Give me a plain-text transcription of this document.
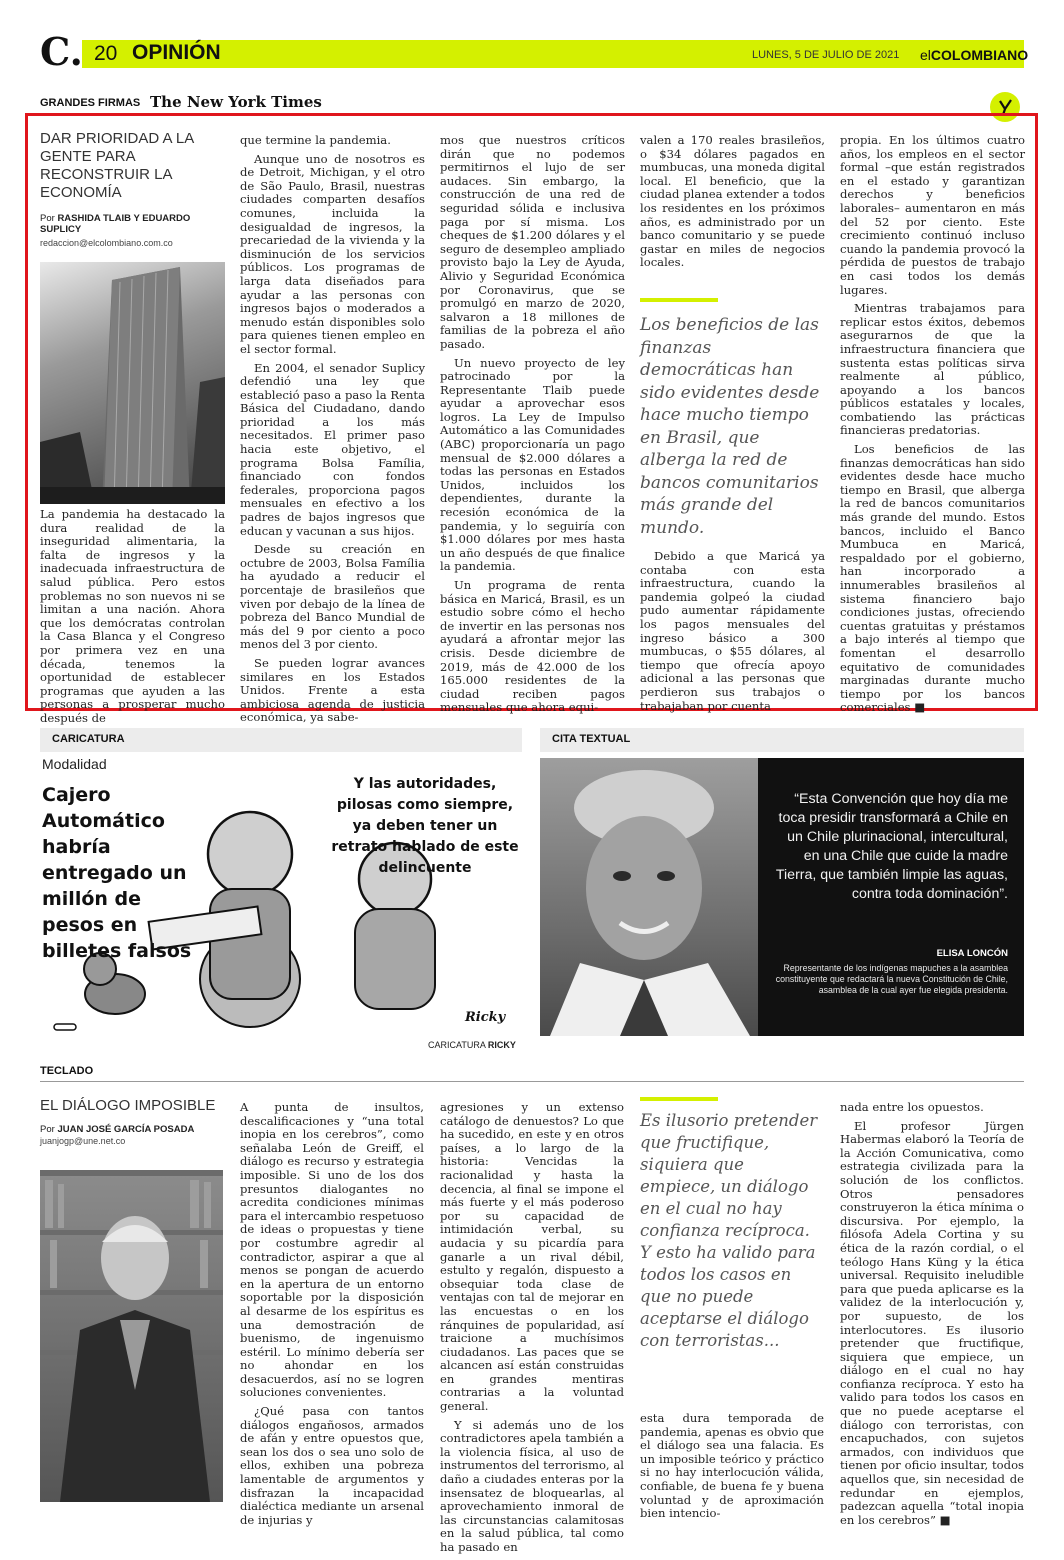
C. 20 OPINIÓN	LUNES, 5 DE JULIO DE 2021 elCOLOMBIANO
GRANDES FIRMAS The New York Times
DAR PRIORIDAD A LA GENTE PARA RECONSTRUIR LA ECONOMÍA
Por RASHIDA TLAIB Y EDUARDO SUPLICY
redaccion@elcolombiano.com.co

La pandemia ha destacado la dura realidad de la inseguridad alimentaria, la falta de ingresos y la inadecuada infraestructura de salud pública. Pero estos problemas no son nuevos ni se limitan a una nación. Ahora que los demócratas controlan la Casa Blanca y el Congreso por primera vez en una década, tenemos la oportunidad de establecer programas que ayuden a las personas a prosperar mucho después de

que termine la pandemia.

Aunque uno de nosotros es de Detroit, Michigan, y el otro de São Paulo, Brasil, nuestras ciudades comparten desafíos comunes, incluida la desigualdad de ingresos, la precariedad de la vivienda y la disminución de los servicios públicos. Los programas de larga data diseñados para ayudar a las personas con ingresos bajos o moderados a menudo están disponibles solo para quienes tienen empleo en el sector formal.

En 2004, el senador Suplicy defendió una ley que estableció paso a paso la Renta Básica del Ciudadano, dando prioridad a los más necesitados. El primer paso hacia este objetivo, el programa Bolsa Família, financiado con fondos federales, proporciona pagos mensuales en efectivo a los padres de bajos ingresos que educan y vacunan a sus hijos.

Desde su creación en octubre de 2003, Bolsa Família ha ayudado a reducir el porcentaje de brasileños que viven por debajo de la línea de pobreza del Banco Mundial de más del 9 por ciento a poco menos del 3 por ciento.

Se pueden lograr avances similares en los Estados Unidos. Frente a esta ambiciosa agenda de justicia económica, ya sabe-

mos que nuestros críticos dirán que no podemos permitirnos el lujo de ser audaces. Sin embargo, la construcción de una red de seguridad sólida e inclusiva paga por sí misma. Los cheques de $1.200 dólares y el seguro de desempleo ampliado provisto bajo la Ley de Ayuda, Alivio y Seguridad Económica por Coronavirus, que se promulgó en marzo de 2020, salvaron a 18 millones de familias de la pobreza el año pasado.

Un nuevo proyecto de ley patrocinado por la Representante Tlaib puede ayudar a aprovechar esos logros. La Ley de Impulso Automático a las Comunidades (ABC) proporcionaría un pago mensual de $2.000 dólares a todas las personas en Estados Unidos, incluidos los dependientes, durante la recesión económica de la pandemia, y lo seguiría con $1.000 dólares por mes hasta un año después de que finalice la pandemia.

Un programa de renta básica en Maricá, Brasil, es un estudio sobre cómo el hecho de invertir en las personas nos ayudará a afrontar mejor las crisis. Desde diciembre de 2019, más de 42.000 de los 165.000 residentes de la ciudad reciben pagos mensuales que ahora equi-

valen a 170 reales brasileños, o $34 dólares pagados en mumbucas, una moneda digital local. El beneficio, que la ciudad planea extender a todos los residentes en los próximos años, es administrado por un banco comunitario y se puede gastar en miles de negocios locales.

Los beneficios de las finanzas democráticas han sido evidentes desde hace mucho tiempo en Brasil, que alberga la red de bancos comunitarios más grande del mundo.

Debido a que Maricá ya contaba con esta infraestructura, cuando la pandemia golpeó la ciudad pudo aumentar rápidamente los pagos mensuales del ingreso básico a 300 mumbucas, o $55 dólares, al tiempo que ofrecía apoyo adicional a las personas que perdieron sus trabajos o trabajaban por cuenta

propia. En los últimos cuatro años, los empleos en el sector formal –que están registrados en el estado y garantizan derechos y beneficios laborales– aumentaron en más del 52 por ciento. Este crecimiento continuó incluso cuando la pandemia provocó la pérdida de puestos de trabajo en casi todos los demás lugares.

Mientras trabajamos para replicar estos éxitos, debemos asegurarnos de que la infraestructura financiera que sustenta estas políticas sirva realmente al público, apoyando a los bancos públicos estatales y locales, combatiendo las prácticas financieras predatorias.

Los beneficios de las finanzas democráticas han sido evidentes desde hace mucho tiempo en Brasil, que alberga la red de bancos comunitarios más grande del mundo. Estos bancos, incluido el Banco Mumbuca en Maricá, respaldado por el gobierno, han incorporado a innumerables brasileños al sistema financiero bajo condiciones justas, ofreciendo cuentas gratuitas y préstamos a bajo interés al tiempo que fomentan el desarrollo equitativo de comunidades marginadas durante mucho tiempo por los bancos comerciales ■

CARICATURA
Modalidad
Cajero Automático habría entregado un millón de pesos en billetes falsos
Y las autoridades, pilosas como siempre, ya deben tener un retrato hablado de este delincuente
Ricky
CARICATURA RICKY
CITA TEXTUAL
“Esta Convención que hoy día me toca presidir transformará a Chile en un Chile plurinacional, intercultural, en una Chile que cuide la madre Tierra, que también limpie las aguas, contra toda dominación”.
ELISA LONCÓN
Representante de los indígenas mapuches a la asamblea constituyente que redactará la nueva Constitución de Chile, asamblea de la cual ayer fue elegida presidenta.
TECLADO
EL DIÁLOGO IMPOSIBLE
Por JUAN JOSÉ GARCÍA POSADA
juanjogp@une.net.co

A punta de insultos, descalificaciones y “una total inopia en los cerebros”, como señalaba León de Greiff, el diálogo es recurso y estrategia imposible. Si uno de los dos presuntos dialogantes no acredita condiciones mínimas para el intercambio respetuoso de ideas o propuestas y tiene por costumbre agredir al contradictor, aspirar a que al menos se pongan de acuerdo en la apertura de un entorno soportable por la disposición al desarme de los espíritus es una demostración de buenismo, de ingenuismo estéril. Lo mínimo debería ser no ahondar en los desacuerdos, así no se logren soluciones convenientes.

¿Qué pasa con tantos diálogos engañosos, armados de afán y entre opuestos que, sean los dos o sea uno solo de ellos, exhiben una pobreza lamentable de argumentos y disfrazan la incapacidad dialéctica mediante un arsenal de injurias y

agresiones y un extenso catálogo de denuestos? Lo que ha sucedido, en este y en otros países, a lo largo de la historia: Vencidas la racionalidad y hasta la decencia, al final se impone el más fuerte y el más poderoso por su capacidad de intimidación verbal, su audacia y su picardía para ganarle a un rival débil, estulto y regalón, dispuesto a obsequiar toda clase de ventajas con tal de mejorar en las encuestas o en los ránquines de popularidad, así traicione a muchísimos ciudadanos. Las paces que se alcancen así están construidas en grandes mentiras contrarias a la voluntad general.

Y si además uno de los contradictores apela también a la violencia física, al uso de instrumentos del terrorismo, al daño a ciudades enteras por la insensatez de bloquearlas, al aprovechamiento inmoral de las circunstancias calamitosas en la salud pública, tal como ha pasado en

Es ilusorio pretender que fructifique, siquiera que empiece, un diálogo en el cual no hay confianza recíproca. Y esto ha valido para todos los casos en que no puede aceptarse el diálogo con terroristas...

esta dura temporada de pandemia, apenas es obvio que el diálogo sea una falacia. Es un imposible teórico y práctico si no hay interlocución válida, confiable, de buena fe y buena voluntad y de aproximación bien intenciο-

nada entre los opuestos.

El profesor Jürgen Habermas elaboró la Teoría de la Acción Comunicativa, como estrategia civilizada para la solución de los conflictos. Otros pensadores construyeron la ética mínima o discursiva. Por ejemplo, la filósofa Adela Cortina y su ética de la razón cordial, o el teólogo Hans Küng y la ética universal. Requisito ineludible para que pueda aplicarse es la validez de la interlocución y, por supuesto, de los interlocutores. Es ilusorio pretender que fructifique, siquiera que empiece, un diálogo en el cual no hay confianza recíproca. Y esto ha valido para todos los casos en que no puede aceptarse el diálogo con terroristas, con encapuchados, con sujetos armados, con individuos que tienen por oficio insultar, todos aquellos que, sin necesidad de redundar en ejemplos, padezcan aquella “total inopia en los cerebros” ■
